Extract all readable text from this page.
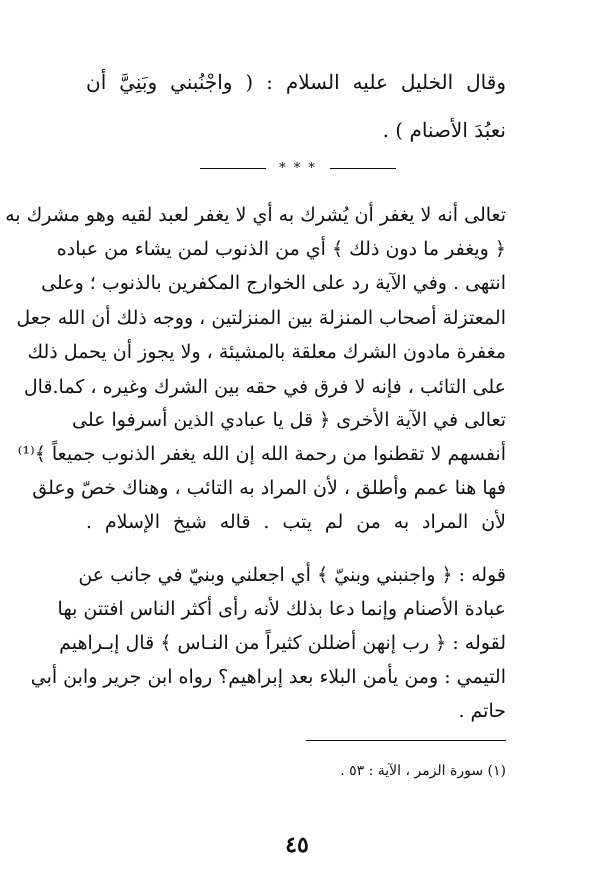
وقال الخليل عليه السلام : ( واجْنُبني وبَنِيَّ أن
نعبُدَ الأصنام ) .
* * *
تعالى أنه لا يغفر أن يُشرك به أي لا يغفر لعبد لقيه وهو مشرك به
﴿ ويغفر ما دون ذلك ﴾ أي من الذنوب لمن يشاء من عباده
انتهى . وفي الآية رد على الخوارج المكفرين بالذنوب ؛ وعلى
المعتزلة أصحاب المنزلة بين المنزلتين ، ووجه ذلك أن الله جعل
مغفرة مادون الشرك معلقة بالمشيئة ، ولا يجوز أن يحمل ذلك
على التائب ، فإنه لا فرق في حقه بين الشرك وغيره ، كما.قال
تعالى في الآية الأخرى ﴿ قل يا عبادي الذين أسرفوا على
أنفسهم لا تقطنوا من رحمة الله إن الله يغفر الذنوب جميعاً ﴾⁽¹⁾
فها هنا عمم وأطلق ، لأن المراد به التائب ، وهناك خصّ وعلق
لأن المراد به من لم يتب . قاله شيخ الإسلام .
قوله : ﴿ واجنبني وبنيّ ﴾ أي اجعلني وبنيّ في جانب عن
عبادة الأصنام وإنما دعا بذلك لأنه رأى أكثر الناس افتتن بها
لقوله : ﴿ رب إنهن أضللن كثيراً من النـاس ﴾ قال إبـراهيم
التيمي : ومن يأمن البلاء بعد إبراهيم؟ رواه ابن جرير وابن أبي
حاتم .
(١) سورة الزمر ، الآية : ٥٣ .
٤٥
